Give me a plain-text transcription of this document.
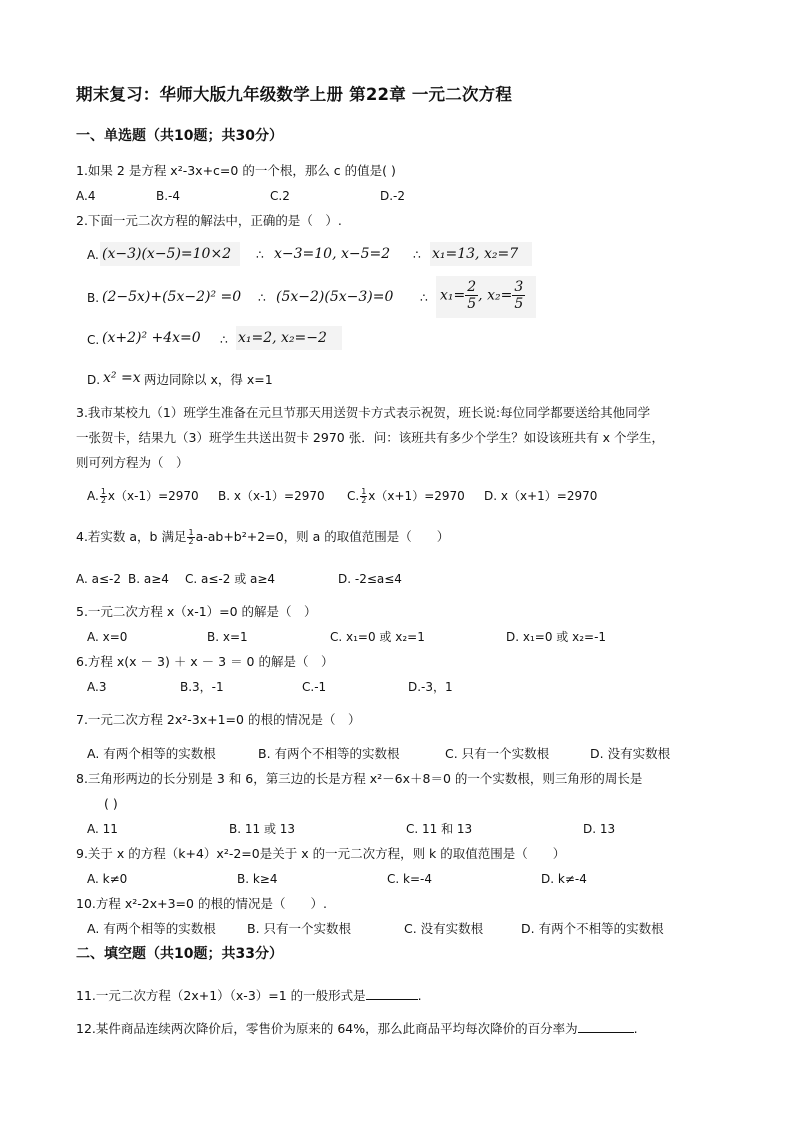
期末复习：华师大版九年级数学上册 第22章 一元二次方程
一、单选题（共10题；共30分）
1.如果 2 是方程 x²-3x+c=0 的一个根，那么 c 的值是( )
A.4	B.-4	C.2	D.-2
2.下面一元二次方程的解法中，正确的是（　）.
A. (x−3)(x−5)=10×2 ∴ x−3=10, x−5=2 ∴ x₁=13, x₂=7
B. (2−5x)+(5x−2)² =0 ∴ (5x−2)(5x−3)=0 ∴ $x_1= \frac{2}{5}$ , $x_2= \frac{3}{5}$
C. (x+2)² +4x=0 ∴ x₁=2, x₂=−2
D. x² =x 两边同除以 x，得 x=1
3.我市某校九（1）班学生准备在元旦节那天用送贺卡方式表示祝贺，班长说:每位同学都要送给其他同学
一张贺卡，结果九（3）班学生共送出贺卡 2970 张．问：该班共有多少个学生？如设该班共有 x 个学生，
则可列方程为（　）
A. $\frac{1}{2} x(x-1)=2970$ B. x（x-1）=2970 C. $\frac{1}{2} x(x+1)=2970$ D. x（x+1）=2970
4.若实数 a，b 满足 $\frac{1}{2} a-ab+b^2+2=0$，则 a 的取值范围是（　　）
A. a≤-2 B. a≥4 C. a≤-2 或 a≥4	D. -2≤a≤4
5.一元二次方程 x（x-1）=0 的解是（　）
A. x=0	B. x=1	C. x₁=0 或 x₂=1	D. x₁=0 或 x₂=-1
6.方程 x(x － 3) ＋ x － 3 ＝ 0 的解是（　）
A.3	B.3，-1	C.-1	D.-3，1
7.一元二次方程 2x²-3x+1=0 的根的情况是（　）
A. 有两个相等的实数根	B. 有两个不相等的实数根	C. 只有一个实数根	D. 没有实数根
8.三角形两边的长分别是 3 和 6，第三边的长是方程 x²－6x＋8＝0 的一个实数根，则三角形的周长是
( )
A. 11	B. 11 或 13	C. 11 和 13	D. 13
9.关于 x 的方程（k+4）x²-2=0是关于 x 的一元二次方程，则 k 的取值范围是（　　）
A. k≠0	B. k≥4	C. k=-4	D. k≠-4
10.方程 x²-2x+3=0 的根的情况是（　　）.
A. 有两个相等的实数根 B. 只有一个实数根	C. 没有实数根	D. 有两个不相等的实数根
二、填空题（共10题；共33分）
11.一元二次方程（2x+1）（x-3）=1 的一般形式是	.
12.某件商品连续两次降价后，零售价为原来的 64%，那么此商品平均每次降价的百分率为	.
